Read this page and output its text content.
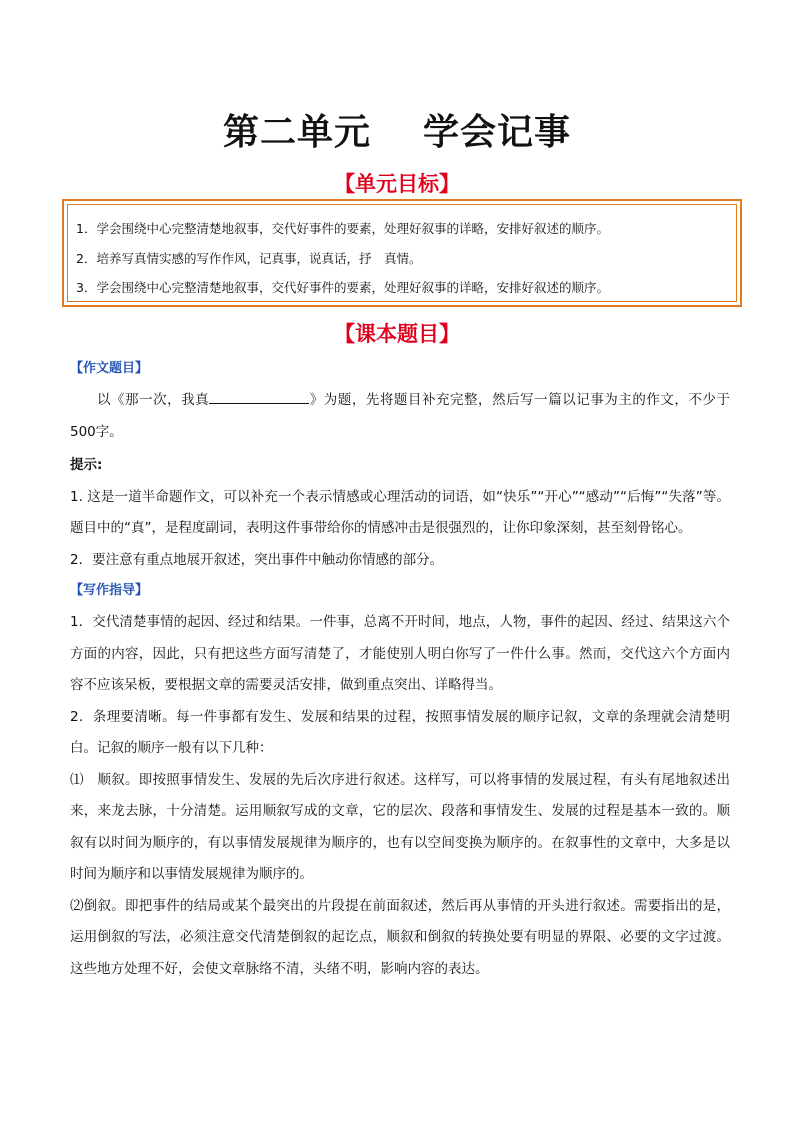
第二单元 学会记事
【单元目标】
1．学会围绕中心完整清楚地叙事，交代好事件的要素，处理好叙事的详略，安排好叙述的顺序。
2．培养写真情实感的写作作风，记真事，说真话，抒　真情。
3．学会围绕中心完整清楚地叙事，交代好事件的要素，处理好叙事的详略，安排好叙述的顺序。
【课本题目】
【作文题目】

以《那一次，我真	》为题，先将题目补充完整，然后写一篇以记事为主的作文，不少于500字。

提示:

1. 这是一道半命题作文，可以补充一个表示情感或心理活动的词语，如“快乐”“开心”“感动”“后悔”“失落”等。题目中的“真”，是程度副词，表明这件事带给你的情感冲击是很强烈的，让你印象深刻，甚至刻骨铭心。

2．要注意有重点地展开叙述，突出事件中触动你情感的部分。

【写作指导】

1．交代清楚事情的起因、经过和结果。一件事，总离不开时间，地点，人物，事件的起因、经过、结果这六个方面的内容，因此，只有把这些方面写清楚了，才能使别人明白你写了一件什么事。然而，交代这六个方面内容不应该呆板，要根据文章的需要灵活安排，做到重点突出、详略得当。

2．条理要清晰。每一件事都有发生、发展和结果的过程，按照事情发展的顺序记叙，文章的条理就会清楚明白。记叙的顺序一般有以下几种：

⑴　顺叙。即按照事情发生、发展的先后次序进行叙述。这样写，可以将事情的发展过程，有头有尾地叙述出来，来龙去脉，十分清楚。运用顺叙写成的文章，它的层次、段落和事情发生、发展的过程是基本一致的。顺叙有以时间为顺序的，有以事情发展规律为顺序的，也有以空间变换为顺序的。在叙事性的文章中，大多是以时间为顺序和以事情发展规律为顺序的。

⑵倒叙。即把事件的结局或某个最突出的片段提在前面叙述，然后再从事情的开头进行叙述。需要指出的是，运用倒叙的写法，必须注意交代清楚倒叙的起讫点，顺叙和倒叙的转换处要有明显的界限、必要的文字过渡。这些地方处理不好，会使文章脉络不清，头绪不明，影响内容的表达。
